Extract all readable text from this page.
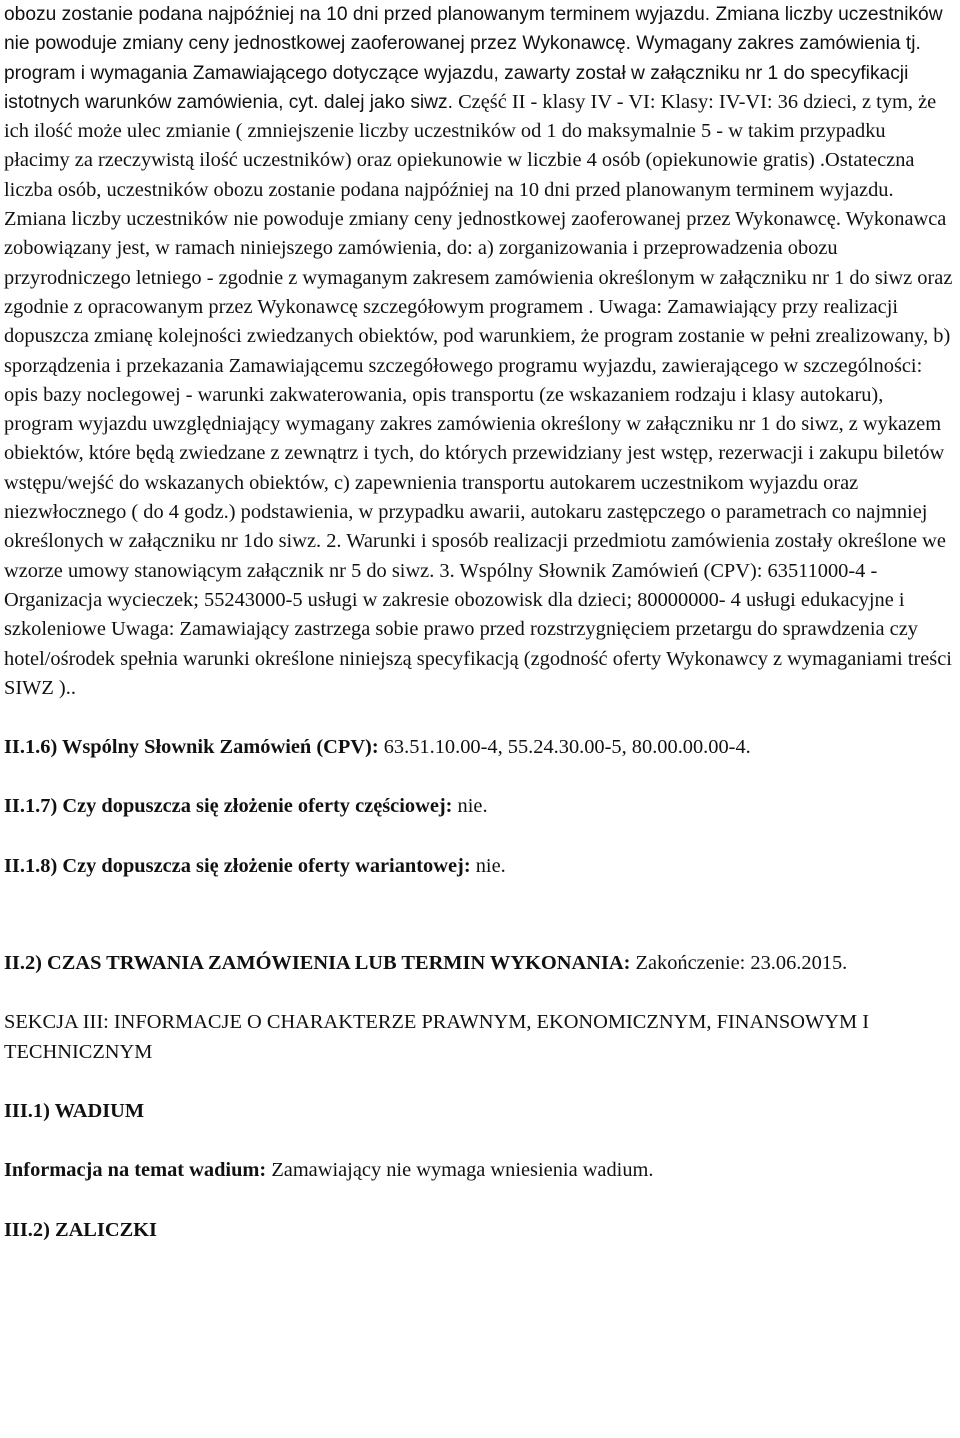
obozu zostanie podana najpóźniej na 10 dni przed planowanym terminem wyjazdu. Zmiana liczby uczestników nie powoduje zmiany ceny jednostkowej zaoferowanej przez Wykonawcę. Wymagany zakres zamówienia tj. program i wymagania Zamawiającego dotyczące wyjazdu, zawarty został w załączniku nr 1 do specyfikacji istotnych warunków zamówienia, cyt. dalej jako siwz. Część II - klasy IV - VI: Klasy: IV-VI: 36 dzieci, z tym, że ich ilość może ulec zmianie ( zmniejszenie liczby uczestników od 1 do maksymalnie 5 - w takim przypadku płacimy za rzeczywistą ilość uczestników) oraz opiekunowie w liczbie 4 osób (opiekunowie gratis) .Ostateczna liczba osób, uczestników obozu zostanie podana najpóźniej na 10 dni przed planowanym terminem wyjazdu. Zmiana liczby uczestników nie powoduje zmiany ceny jednostkowej zaoferowanej przez Wykonawcę. Wykonawca zobowiązany jest, w ramach niniejszego zamówienia, do: a) zorganizowania i przeprowadzenia obozu przyrodniczego letniego - zgodnie z wymaganym zakresem zamówienia określonym w załączniku nr 1 do siwz oraz zgodnie z opracowanym przez Wykonawcę szczegółowym programem . Uwaga: Zamawiający przy realizacji dopuszcza zmianę kolejności zwiedzanych obiektów, pod warunkiem, że program zostanie w pełni zrealizowany, b) sporządzenia i przekazania Zamawiającemu szczegółowego programu wyjazdu, zawierającego w szczególności: opis bazy noclegowej - warunki zakwaterowania, opis transportu (ze wskazaniem rodzaju i klasy autokaru), program wyjazdu uwzględniający wymagany zakres zamówienia określony w załączniku nr 1 do siwz, z wykazem obiektów, które będą zwiedzane z zewnątrz i tych, do których przewidziany jest wstęp, rezerwacji i zakupu biletów wstępu/wejść do wskazanych obiektów, c) zapewnienia transportu autokarem uczestnikom wyjazdu oraz niezwłocznego ( do 4 godz.) podstawienia, w przypadku awarii, autokaru zastępczego o parametrach co najmniej określonych w załączniku nr 1do siwz. 2. Warunki i sposób realizacji przedmiotu zamówienia zostały określone we wzorze umowy stanowiącym załącznik nr 5 do siwz. 3. Wspólny Słownik Zamówień (CPV): 63511000-4 - Organizacja wycieczek; 55243000-5 usługi w zakresie obozowisk dla dzieci; 80000000- 4 usługi edukacyjne i szkoleniowe Uwaga: Zamawiający zastrzega sobie prawo przed rozstrzygnięciem przetargu do sprawdzenia czy hotel/ośrodek spełnia warunki określone niniejszą specyfikacją (zgodność oferty Wykonawcy z wymaganiami treści SIWZ )..

II.1.6) Wspólny Słownik Zamówień (CPV): 63.51.10.00-4, 55.24.30.00-5, 80.00.00.00-4.

II.1.7) Czy dopuszcza się złożenie oferty częściowej: nie.

II.1.8) Czy dopuszcza się złożenie oferty wariantowej: nie.

II.2) CZAS TRWANIA ZAMÓWIENIA LUB TERMIN WYKONANIA: Zakończenie: 23.06.2015.

SEKCJA III: INFORMACJE O CHARAKTERZE PRAWNYM, EKONOMICZNYM, FINANSOWYM I TECHNICZNYM

III.1) WADIUM

Informacja na temat wadium: Zamawiający nie wymaga wniesienia wadium.

III.2) ZALICZKI
